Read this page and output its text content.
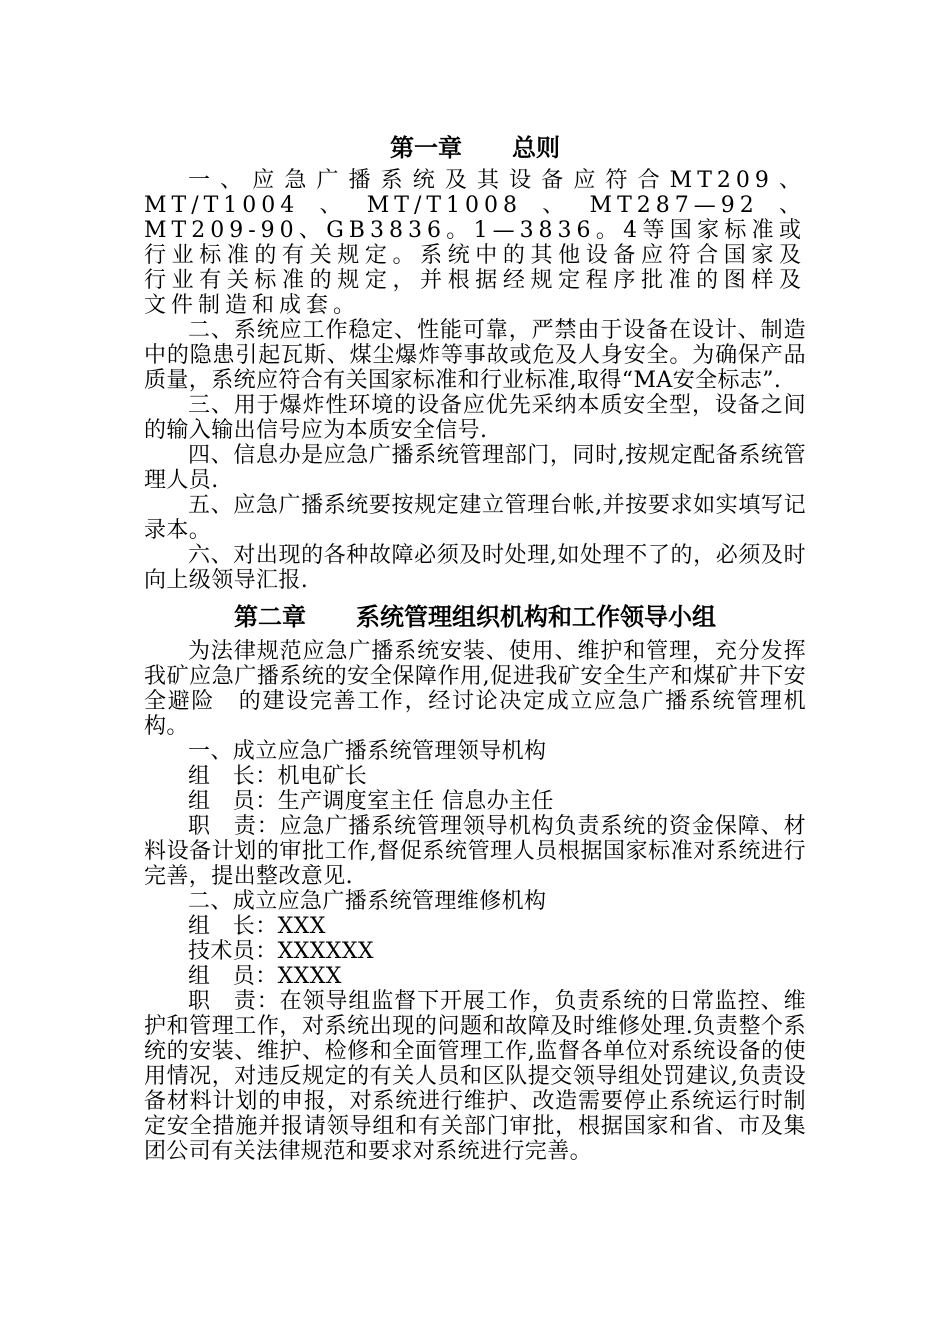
第一章 总则

一、应急广播系统及其设备应符合MT209、MT/T1004、MT/T1008、MT287—92、MT209-90、GB3836。1—3836。4等国家标准或行业标准的有关规定。系统中的其他设备应符合国家及行业有关标准的规定，并根据经规定程序批准的图样及文件制造和成套。

二、系统应工作稳定、性能可靠，严禁由于设备在设计、制造中的隐患引起瓦斯、煤尘爆炸等事故或危及人身安全。为确保产品质量，系统应符合有关国家标准和行业标准,取得“MA安全标志”.

三、用于爆炸性环境的设备应优先采纳本质安全型，设备之间的输入输出信号应为本质安全信号.

四、信息办是应急广播系统管理部门，同时,按规定配备系统管理人员.

五、应急广播系统要按规定建立管理台帐,并按要求如实填写记录本。

六、对出现的各种故障必须及时处理,如处理不了的，必须及时向上级领导汇报.

第二章 系统管理组织机构和工作领导小组

为法律规范应急广播系统安装、使用、维护和管理，充分发挥我矿应急广播系统的安全保障作用,促进我矿安全生产和煤矿井下安全避险　的建设完善工作，经讨论决定成立应急广播系统管理机构。

一、成立应急广播系统管理领导机构

组　长：机电矿长

组　员：生产调度室主任 信息办主任

职　责：应急广播系统管理领导机构负责系统的资金保障、材料设备计划的审批工作,督促系统管理人员根据国家标准对系统进行完善，提出整改意见.

二、成立应急广播系统管理维修机构

组　长：XXX

技术员：XXXXXX

组　员：XXXX

职　责：在领导组监督下开展工作，负责系统的日常监控、维护和管理工作，对系统出现的问题和故障及时维修处理.负责整个系统的安装、维护、检修和全面管理工作,监督各单位对系统设备的使用情况，对违反规定的有关人员和区队提交领导组处罚建议,负责设备材料计划的申报，对系统进行维护、改造需要停止系统运行时制定安全措施并报请领导组和有关部门审批，根据国家和省、市及集团公司有关法律规范和要求对系统进行完善。
